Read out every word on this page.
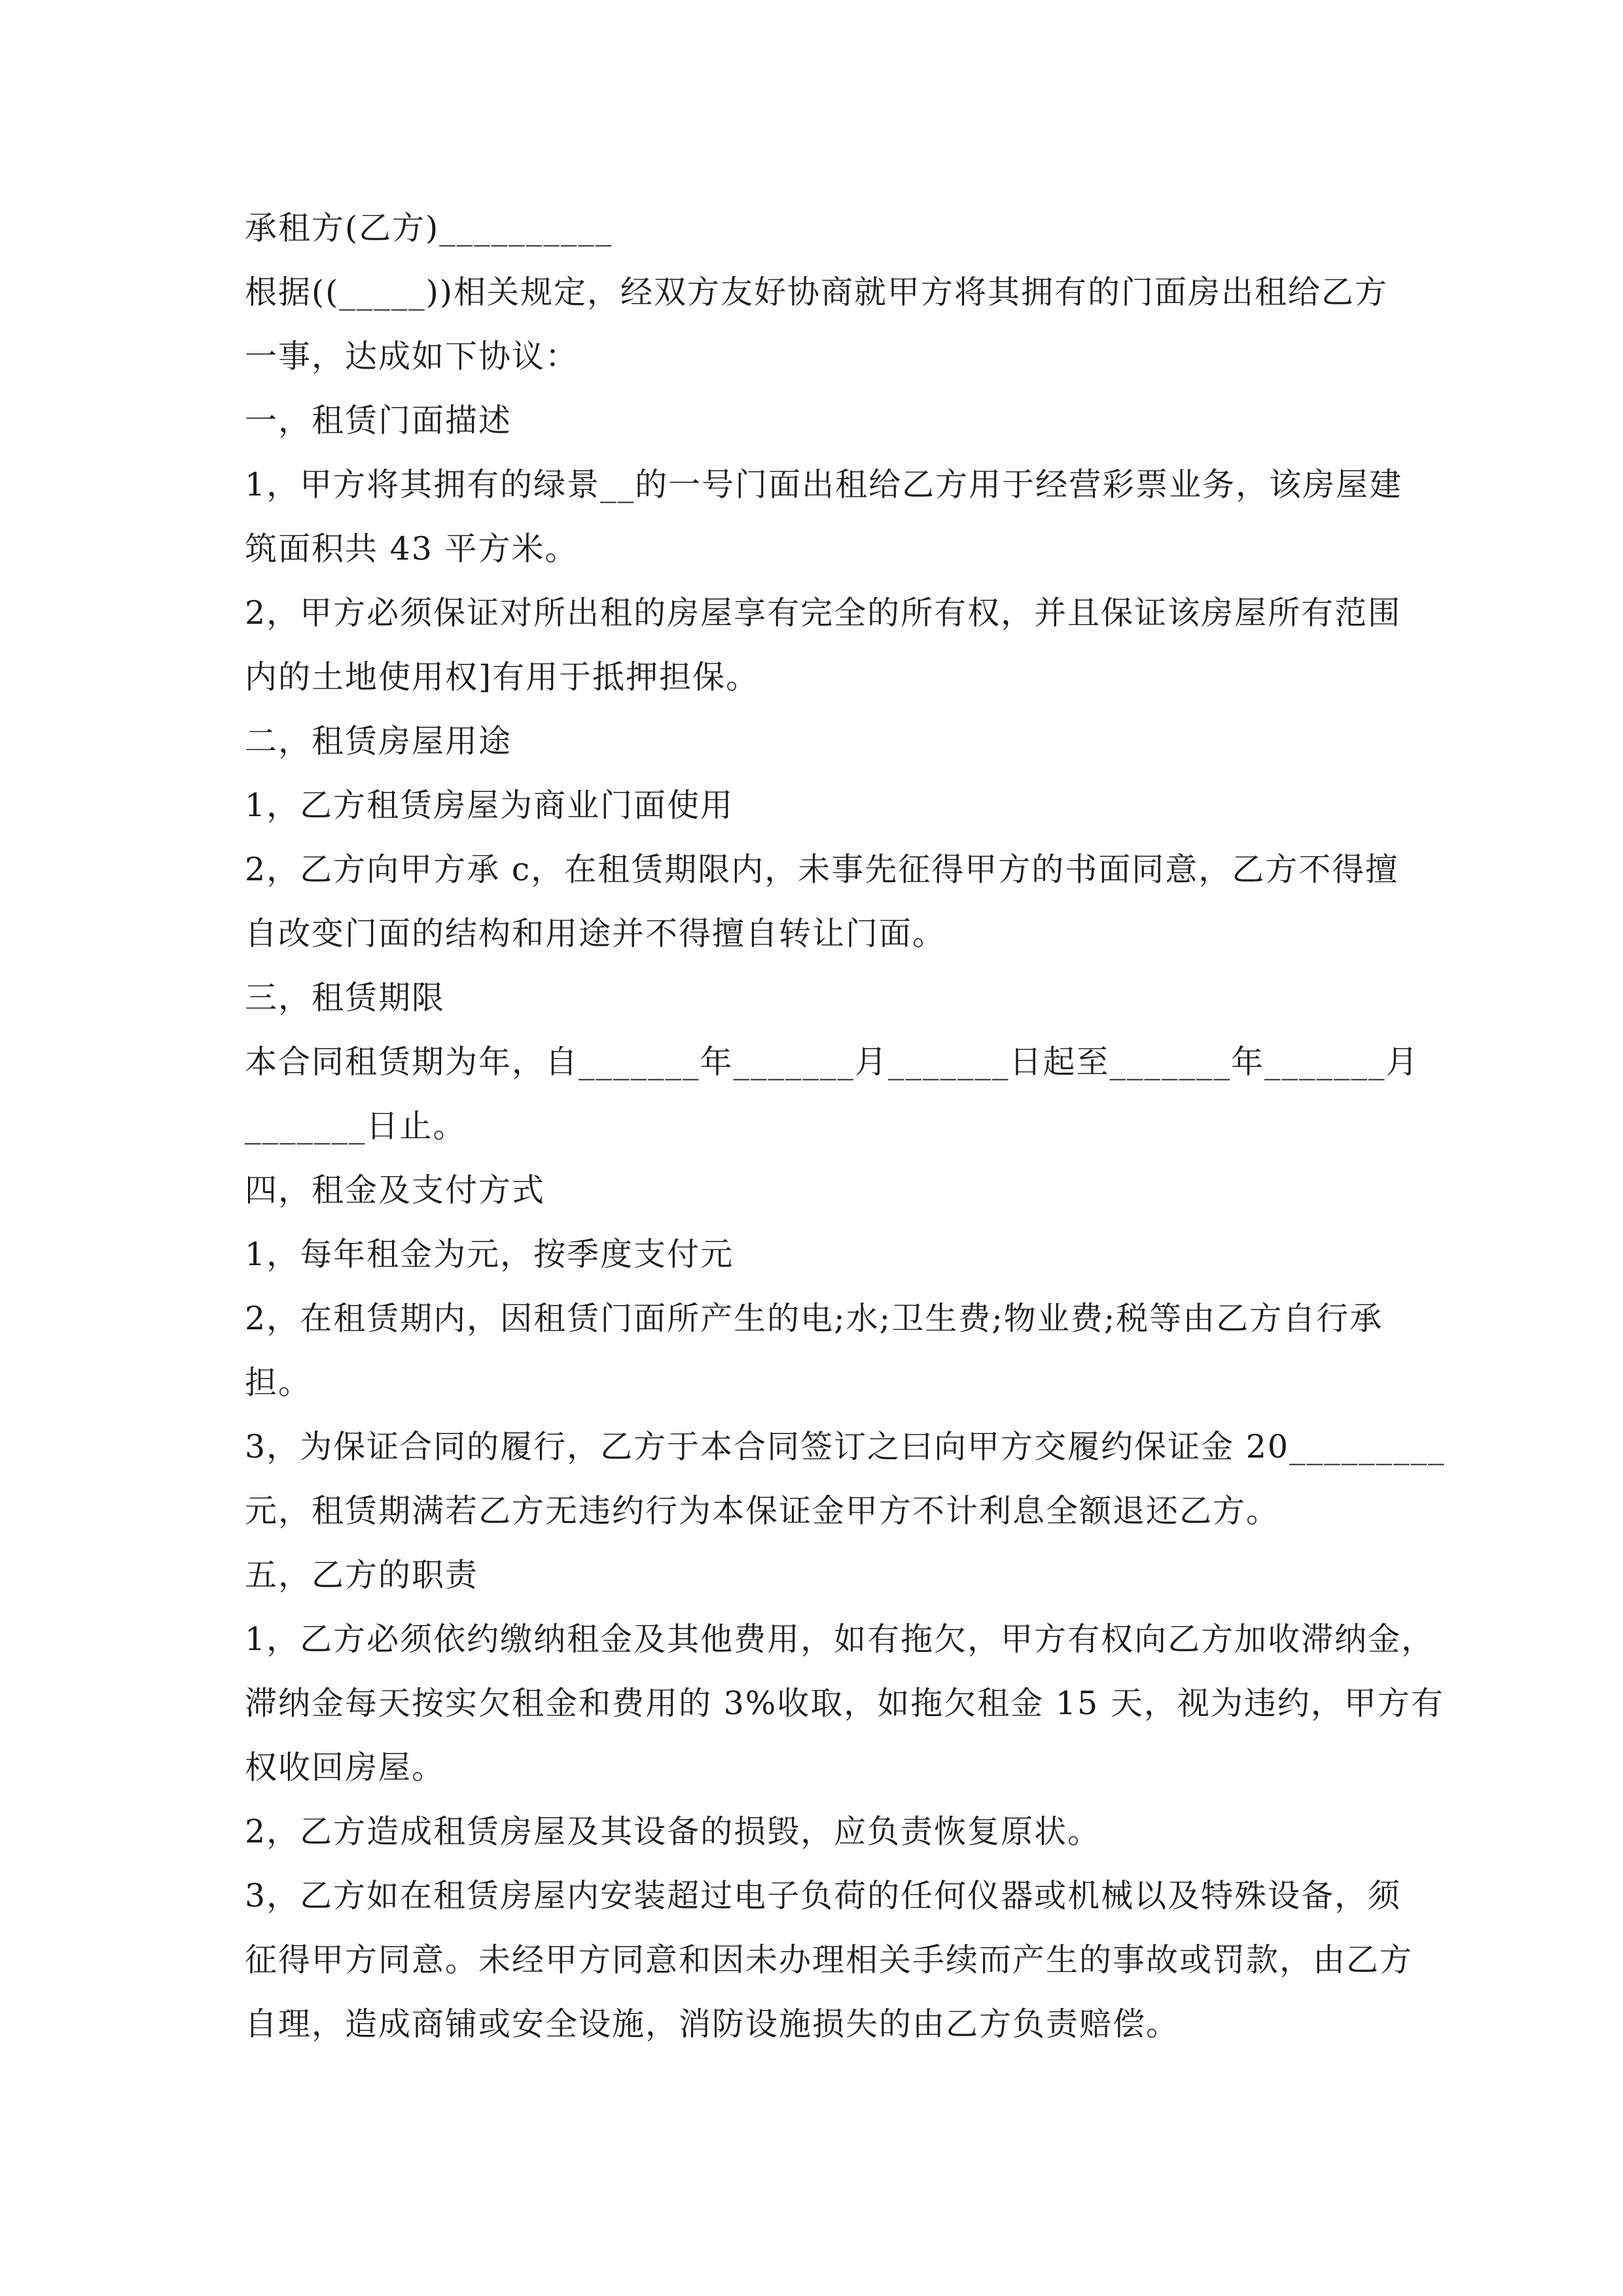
承租方(乙方)__________

根据((_____))相关规定，经双方友好协商就甲方将其拥有的门面房出租给乙方

一事，达成如下协议：

一，租赁门面描述

1，甲方将其拥有的绿景__的一号门面出租给乙方用于经营彩票业务，该房屋建

筑面积共 43 平方米。

2，甲方必须保证对所出租的房屋享有完全的所有权，并且保证该房屋所有范围

内的土地使用权]有用于抵押担保。

二，租赁房屋用途

1，乙方租赁房屋为商业门面使用

2，乙方向甲方承 c，在租赁期限内，未事先征得甲方的书面同意，乙方不得擅

自改变门面的结构和用途并不得擅自转让门面。

三，租赁期限

本合同租赁期为年，自_______年_______月_______日起至_______年_______月

_______日止。

四，租金及支付方式

1，每年租金为元，按季度支付元

2，在租赁期内，因租赁门面所产生的电;水;卫生费;物业费;税等由乙方自行承

担。

3，为保证合同的履行，乙方于本合同签订之曰向甲方交履约保证金 20_________

元，租赁期满若乙方无违约行为本保证金甲方不计利息全额退还乙方。

五，乙方的职责

1，乙方必须依约缴纳租金及其他费用，如有拖欠，甲方有权向乙方加收滞纳金，

滞纳金每天按实欠租金和费用的 3%收取，如拖欠租金 15 天，视为违约，甲方有

权收回房屋。

2，乙方造成租赁房屋及其设备的损毁，应负责恢复原状。

3，乙方如在租赁房屋内安装超过电子负荷的任何仪器或机械以及特殊设备，须

征得甲方同意。未经甲方同意和因未办理相关手续而产生的事故或罚款，由乙方

自理，造成商铺或安全设施，消防设施损失的由乙方负责赔偿。
